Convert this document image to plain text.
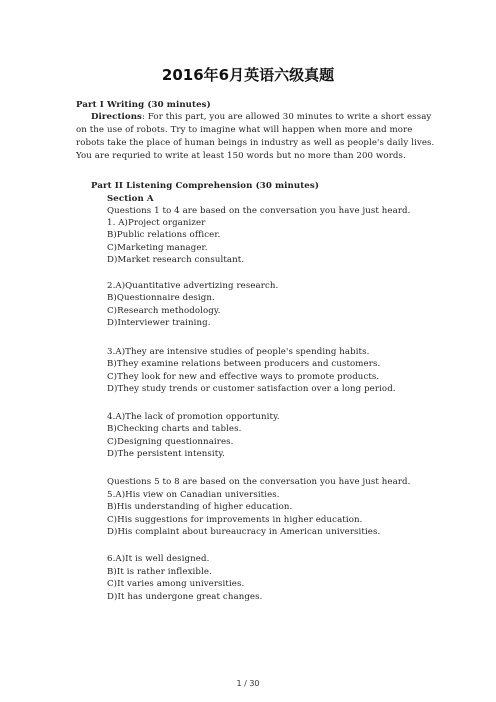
2016年6月英语六级真题
Part I Writing (30 minutes)
Directions: For this part, you are allowed 30 minutes to write a short essay
on the use of robots. Try to imagine what will happen when more and more
robots take the place of human beings in industry as well as people's daily lives.
You are requried to write at least 150 words but no more than 200 words.
Part II Listening Comprehension (30 minutes)
Section A
Questions 1 to 4 are based on the conversation you have just heard.
1. A)Project organizer
B)Public relations officer.
C)Marketing manager.
D)Market research consultant.
2.A)Quantitative advertizing research.
B)Questionnaire design.
C)Research methodology.
D)Interviewer training.
3.A)They are intensive studies of people's spending habits.
B)They examine relations between producers and customers.
C)They look for new and effective ways to promote products.
D)They study trends or customer satisfaction over a long period.
4.A)The lack of promotion opportunity.
B)Checking charts and tables.
C)Designing questionnaires.
D)The persistent intensity.
Questions 5 to 8 are based on the conversation you have just heard.
5.A)His view on Canadian universities.
B)His understanding of higher education.
C)His suggestions for improvements in higher education.
D)His complaint about bureaucracy in American universities.
6.A)It is well designed.
B)It is rather inflexible.
C)It varies among universities.
D)It has undergone great changes.
1 / 30
